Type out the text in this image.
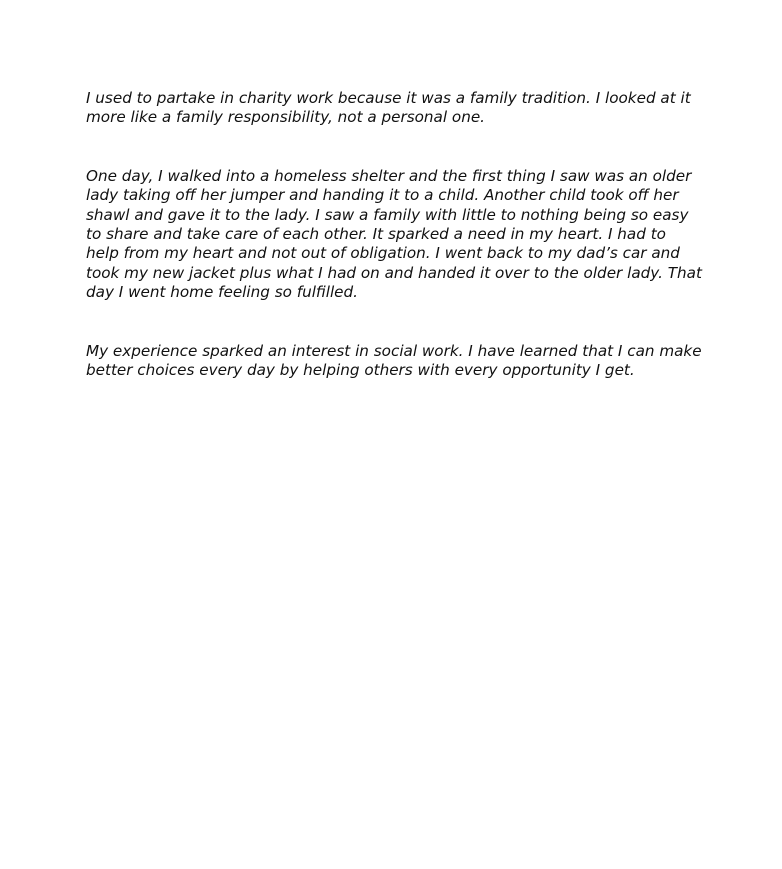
I used to partake in charity work because it was a family tradition. I looked at it
more like a family responsibility, not a personal one.

One day, I walked into a homeless shelter and the first thing I saw was an older
lady taking off her jumper and handing it to a child. Another child took off her
shawl and gave it to the lady. I saw a family with little to nothing being so easy
to share and take care of each other. It sparked a need in my heart. I had to
help from my heart and not out of obligation. I went back to my dad’s car and
took my new jacket plus what I had on and handed it over to the older lady. That
day I went home feeling so fulfilled.

My experience sparked an interest in social work. I have learned that I can make
better choices every day by helping others with every opportunity I get.
